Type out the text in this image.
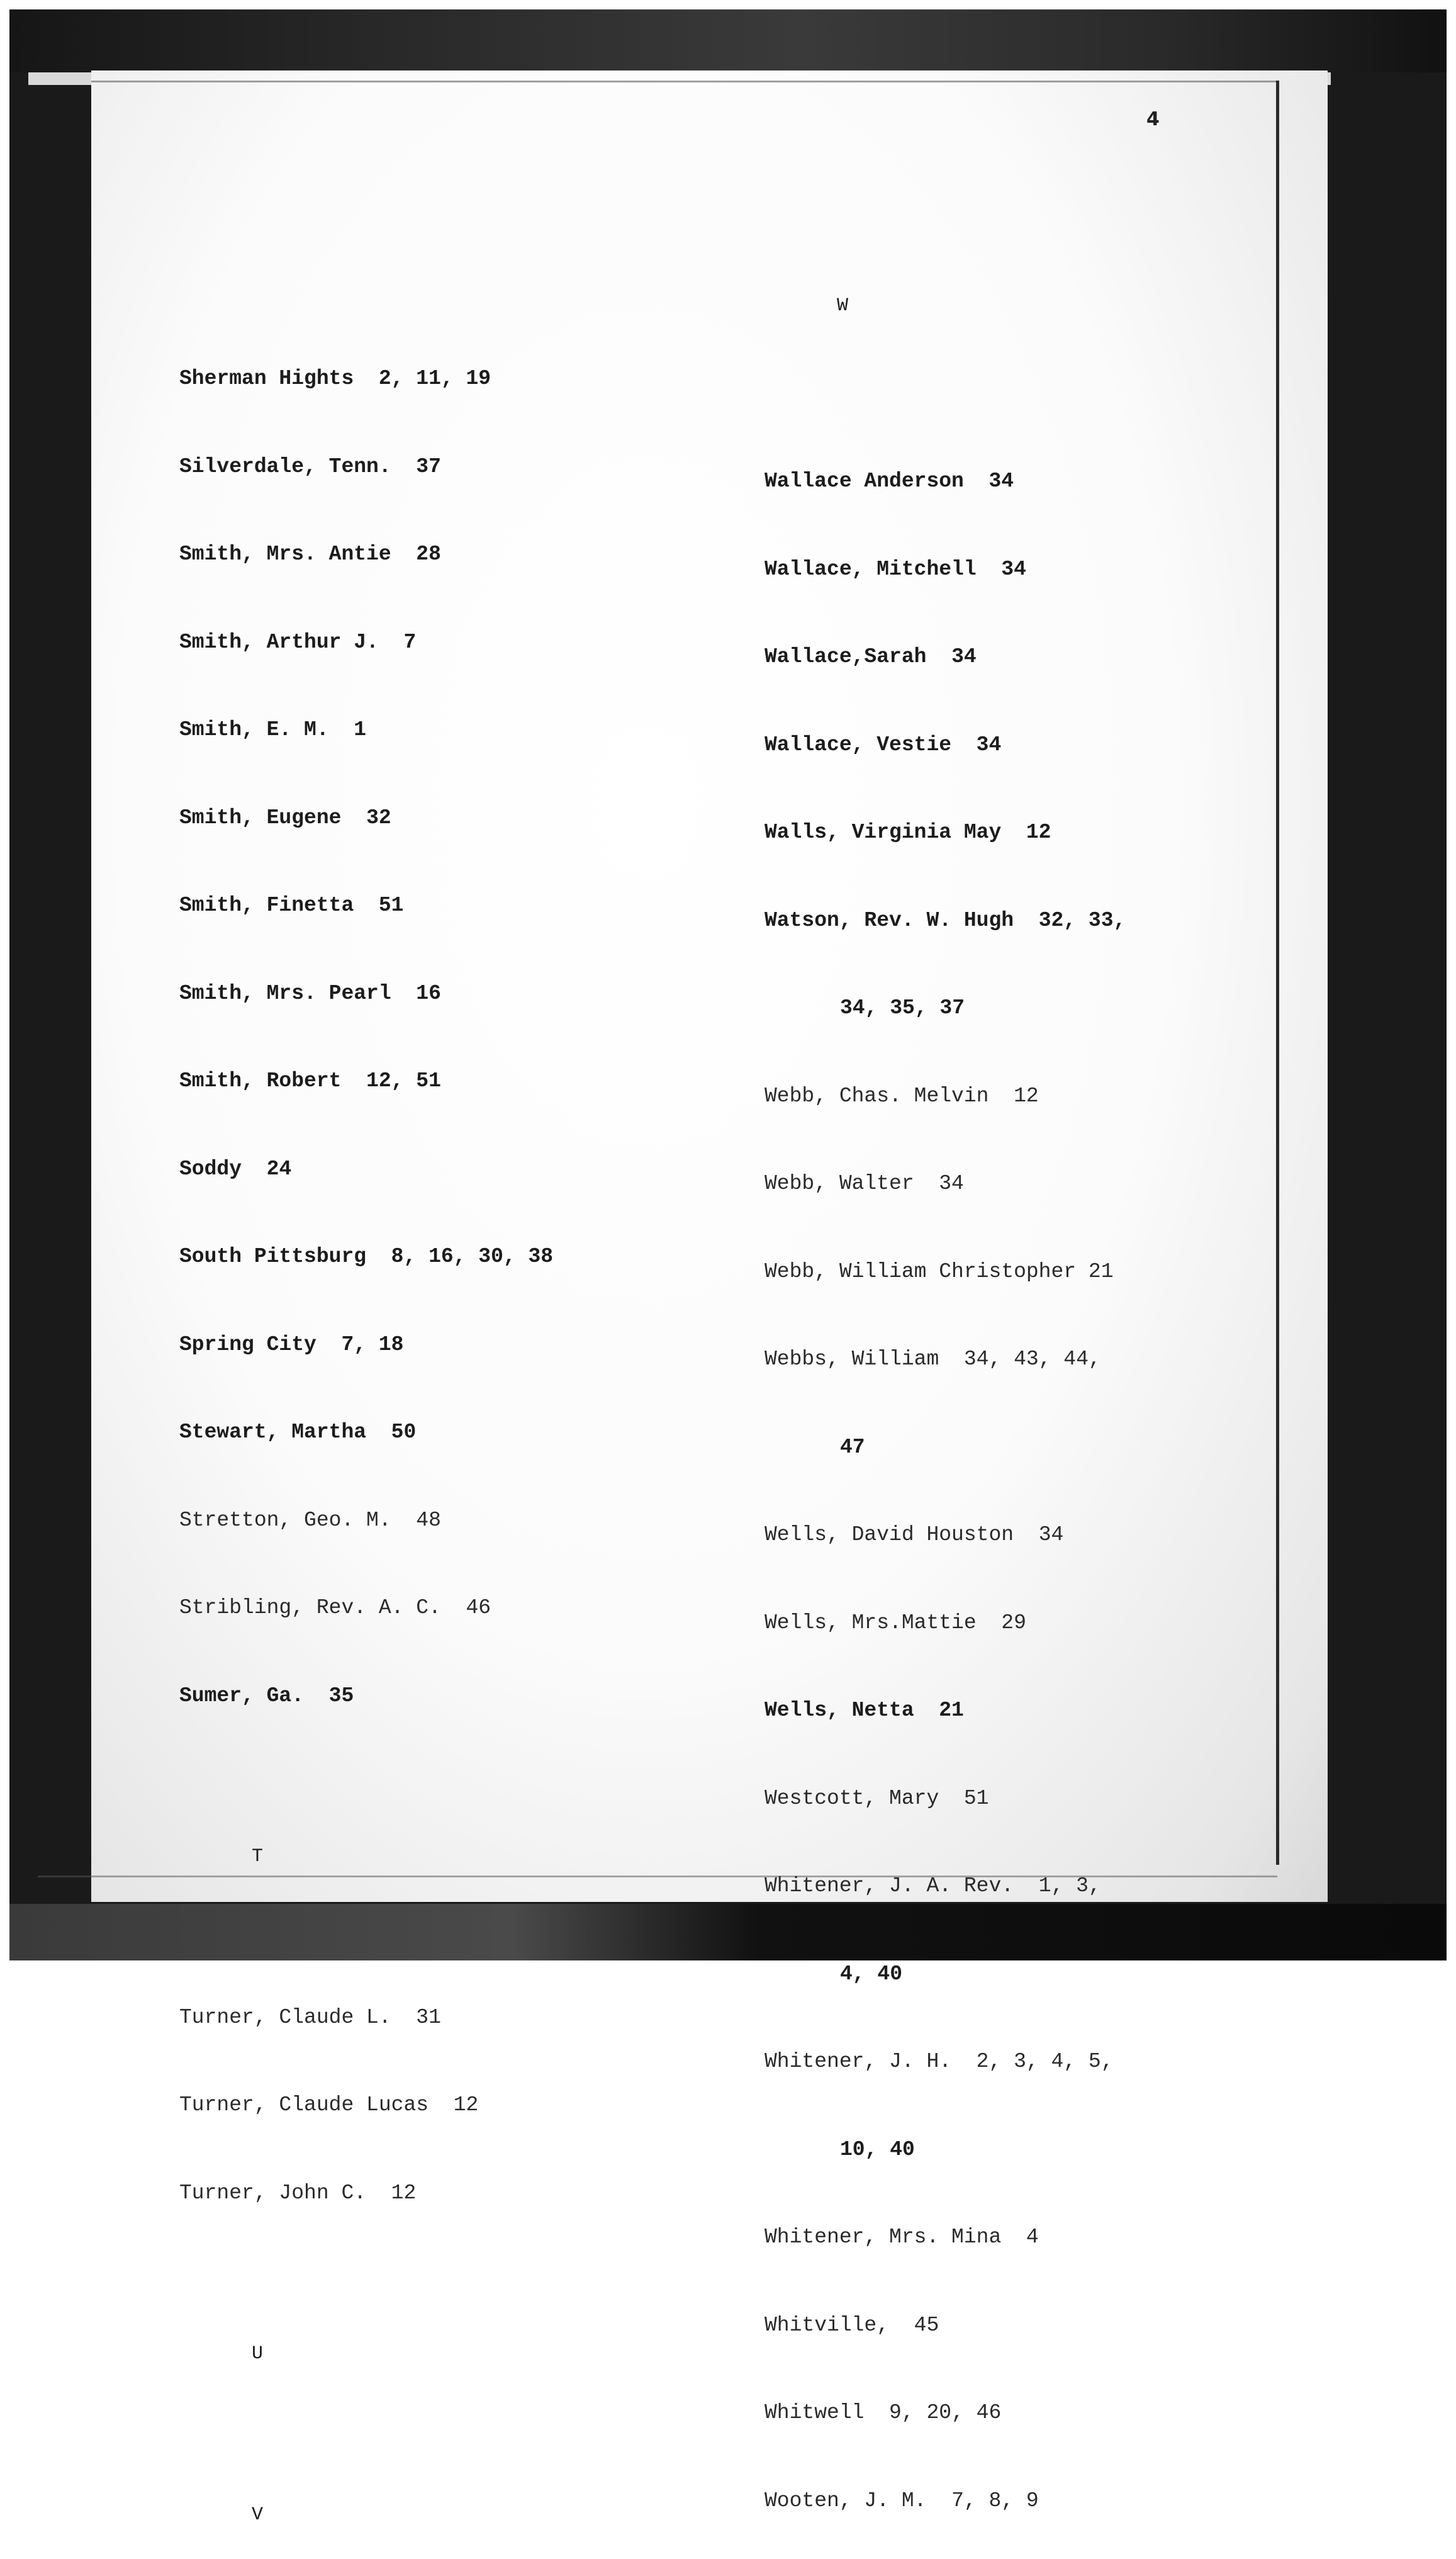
4

Sherman Hights 2, 11, 19

Silverdale, Tenn. 37

Smith, Mrs. Antie 28

Smith, Arthur J. 7

Smith, E. M. 1

Smith, Eugene 32

Smith, Finetta 51

Smith, Mrs. Pearl 16

Smith, Robert 12, 51

Soddy 24

South Pittsburg 8, 16, 30, 38

Spring City 7, 18

Stewart, Martha 50

Stretton, Geo. M. 48

Stribling, Rev. A. C. 46

Sumer, Ga. 35

T

Turner, Claude L. 31

Turner, Claude Lucas 12

Turner, John C. 12

U

V

W

Wallace Anderson 34

Wallace, Mitchell 34

Wallace,Sarah 34

Wallace, Vestie 34

Walls, Virginia May 12

Watson, Rev. W. Hugh 32, 33,

34, 35, 37

Webb, Chas. Melvin 12

Webb, Walter 34

Webb, William Christopher 21

Webbs, William 34, 43, 44,

47

Wells, David Houston 34

Wells, Mrs.Mattie 29

Wells, Netta 21

Westcott, Mary 51

Whitener, J. A. Rev. 1, 3,

4, 40

Whitener, J. H. 2, 3, 4, 5,

10, 40

Whitener, Mrs. Mina 4

Whitville, 45

Whitwell 9, 20, 46

Wooten, J. M. 7, 8, 9
